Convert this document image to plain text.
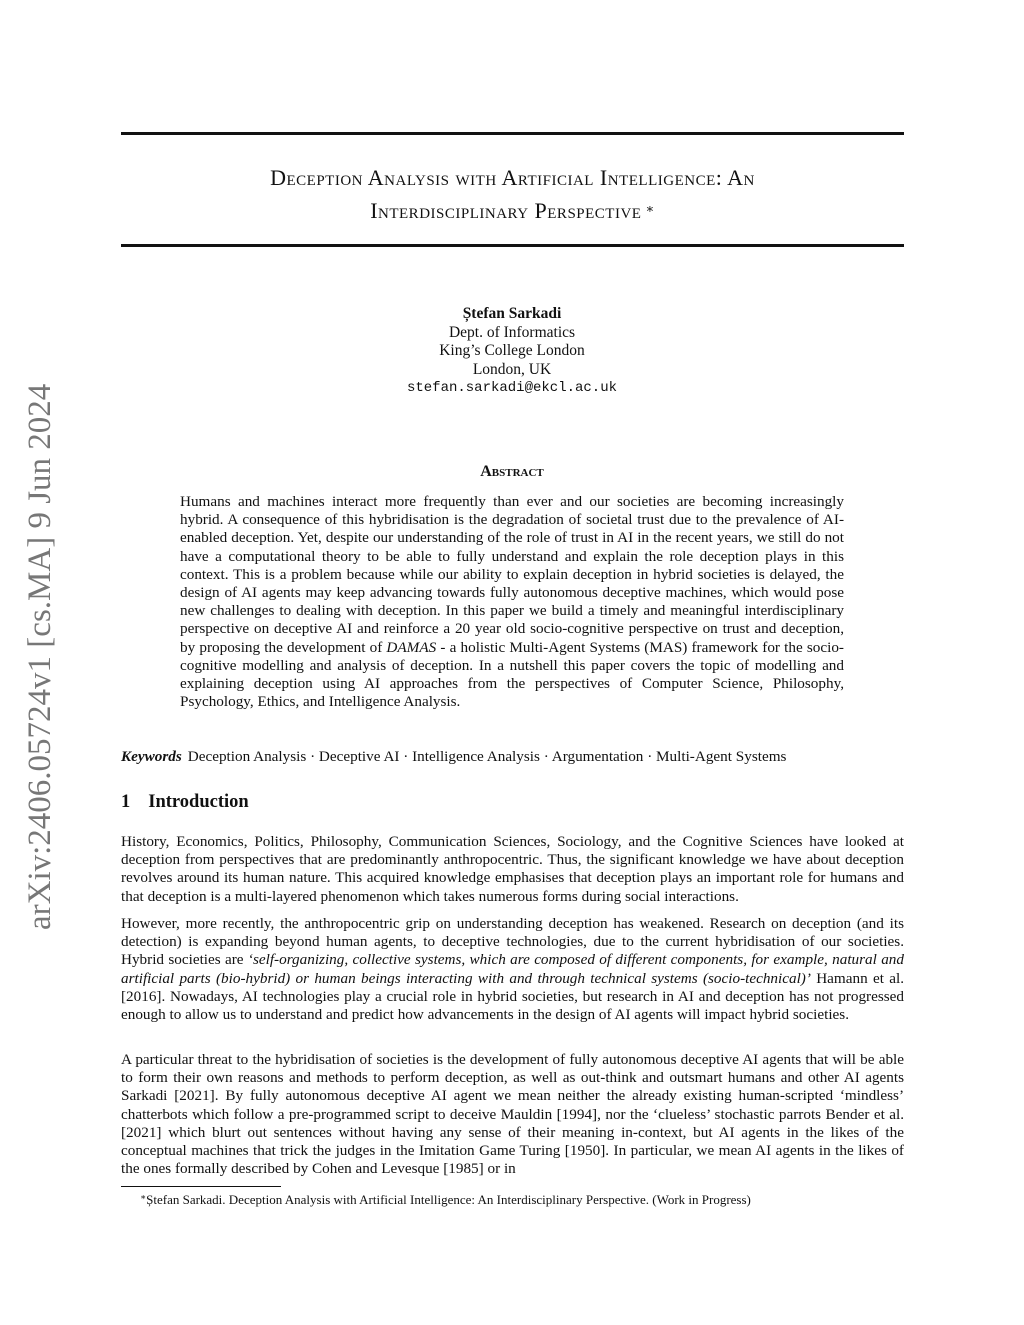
arXiv:2406.05724v1 [cs.MA] 9 Jun 2024
Deception Analysis with Artificial Intelligence: An
Interdisciplinary Perspective ∗
Ștefan Sarkadi
Dept. of Informatics
King’s College London
London, UK
stefan.sarkadi@ekcl.ac.uk
Abstract
Humans and machines interact more frequently than ever and our societies are becoming increasingly hybrid. A consequence of this hybridisation is the degradation of societal trust due to the prevalence of AI-enabled deception. Yet, despite our understanding of the role of trust in AI in the recent years, we still do not have a computational theory to be able to fully understand and explain the role deception plays in this context. This is a problem because while our ability to explain deception in hybrid societies is delayed, the design of AI agents may keep advancing towards fully autonomous deceptive machines, which would pose new challenges to dealing with deception. In this paper we build a timely and meaningful interdisciplinary perspective on deceptive AI and reinforce a 20 year old socio-cognitive perspective on trust and deception, by proposing the development of DAMAS - a holistic Multi-Agent Systems (MAS) framework for the socio-cognitive modelling and analysis of deception. In a nutshell this paper covers the topic of modelling and explaining deception using AI approaches from the perspectives of Computer Science, Philosophy, Psychology, Ethics, and Intelligence Analysis.
Keywords Deception Analysis · Deceptive AI · Intelligence Analysis · Argumentation · Multi-Agent Systems
1 Introduction
History, Economics, Politics, Philosophy, Communication Sciences, Sociology, and the Cognitive Sciences have looked at deception from perspectives that are predominantly anthropocentric. Thus, the significant knowledge we have about deception revolves around its human nature. This acquired knowledge emphasises that deception plays an important role for humans and that deception is a multi-layered phenomenon which takes numerous forms during social interactions.
However, more recently, the anthropocentric grip on understanding deception has weakened. Research on deception (and its detection) is expanding beyond human agents, to deceptive technologies, due to the current hybridisation of our societies. Hybrid societies are ‘self-organizing, collective systems, which are composed of different components, for example, natural and artificial parts (bio-hybrid) or human beings interacting with and through technical systems (socio-technical)’ Hamann et al. [2016]. Nowadays, AI technologies play a crucial role in hybrid societies, but research in AI and deception has not progressed enough to allow us to understand and predict how advancements in the design of AI agents will impact hybrid societies.
A particular threat to the hybridisation of societies is the development of fully autonomous deceptive AI agents that will be able to form their own reasons and methods to perform deception, as well as out-think and outsmart humans and other AI agents Sarkadi [2021]. By fully autonomous deceptive AI agent we mean neither the already existing human-scripted ‘mindless’ chatterbots which follow a pre-programmed script to deceive Mauldin [1994], nor the ‘clueless’ stochastic parrots Bender et al. [2021] which blurt out sentences without having any sense of their meaning in-context, but AI agents in the likes of the conceptual machines that trick the judges in the Imitation Game Turing [1950]. In particular, we mean AI agents in the likes of the ones formally described by Cohen and Levesque [1985] or in
∗Ștefan Sarkadi. Deception Analysis with Artificial Intelligence: An Interdisciplinary Perspective. (Work in Progress)
